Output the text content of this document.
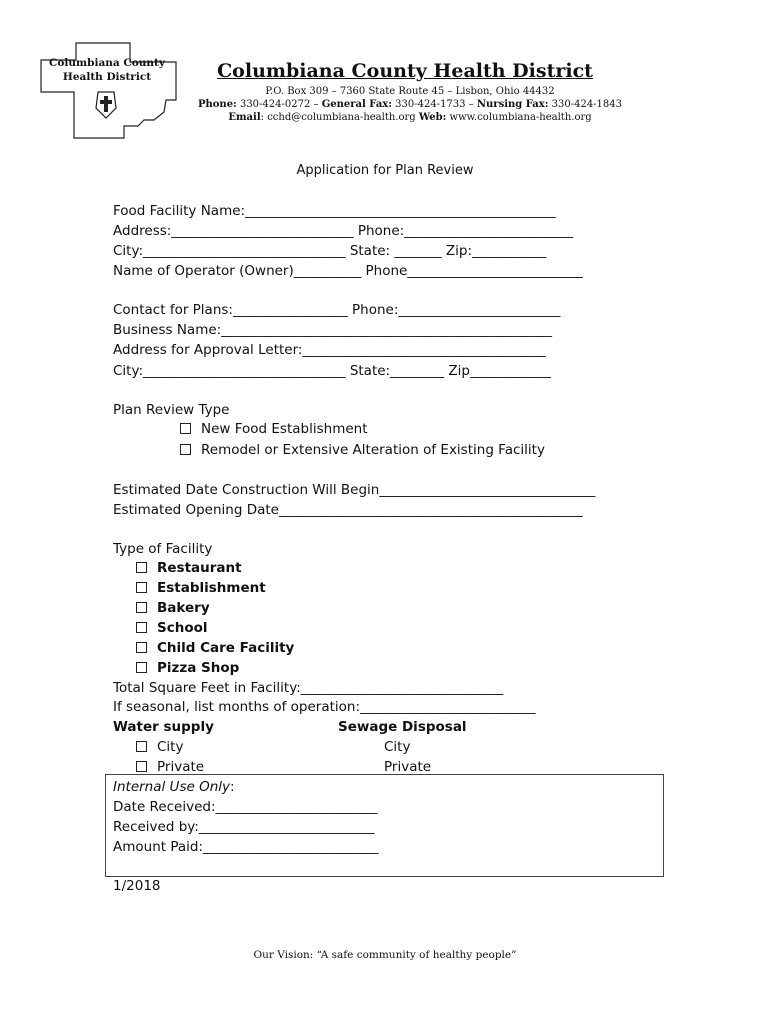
Columbiana County
Health District	Columbiana County Health District
P.O. Box 309 – 7360 State Route 45 – Lisbon, Ohio 44432
Phone: 330-424-0272 – General Fax: 330-424-1733 – Nursing Fax: 330-424-1843
Email: cchd@columbiana-health.org Web: www.columbiana-health.org
Application for Plan Review
Food Facility Name:______________________________________________
Address:___________________________ Phone:_________________________
City:______________________________ State: _______ Zip:___________
Name of Operator (Owner)__________ Phone__________________________
Contact for Plans:_________________ Phone:________________________
Business Name:_________________________________________________
Address for Approval Letter:____________________________________
City:______________________________ State:________ Zip____________
Plan Review Type
New Food Establishment
Remodel or Extensive Alteration of Existing Facility
Estimated Date Construction Will Begin________________________________
Estimated Opening Date_____________________________________________
Type of Facility
Restaurant
Establishment
Bakery
School
Child Care Facility
Pizza Shop
Total Square Feet in Facility:______________________________
If seasonal, list months of operation:__________________________
Water supply	Sewage Disposal
City
Private
City
Private
Internal Use Only:
Date Received:________________________
Received by:__________________________
Amount Paid:__________________________
1/2018
Our Vision: “A safe community of healthy people”
